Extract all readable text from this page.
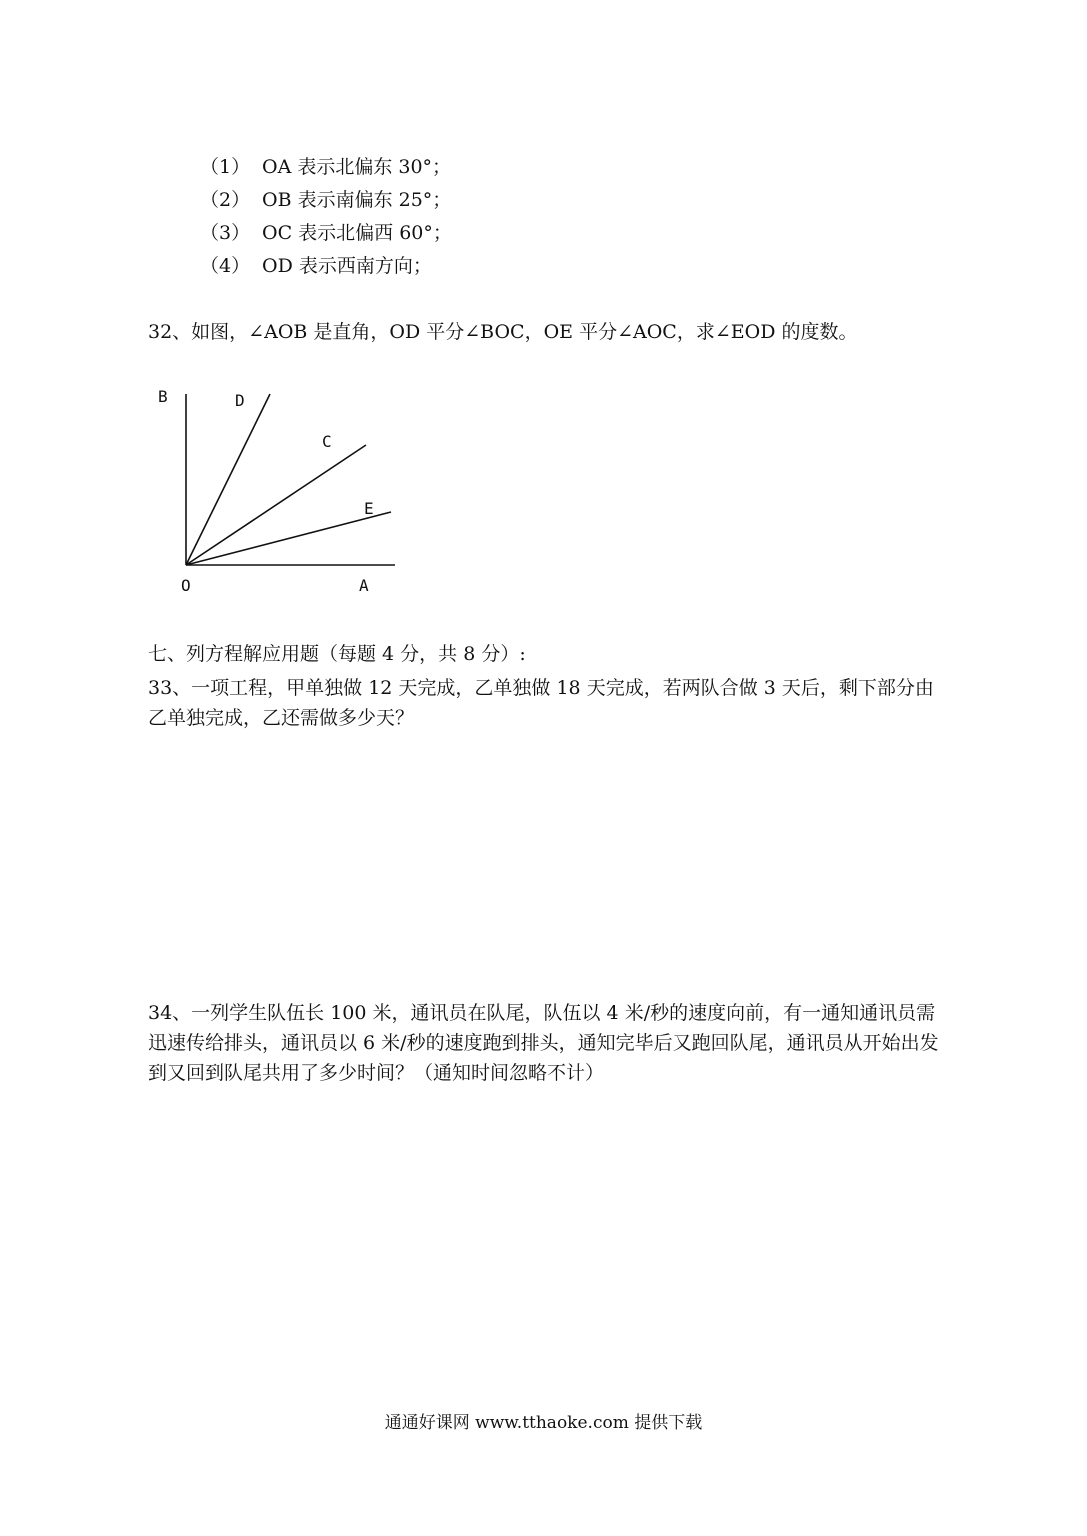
（1） OA 表示北偏东 30°；
（2） OB 表示南偏东 25°；
（3） OC 表示北偏西 60°；
（4） OD 表示西南方向；
32、如图，∠AOB 是直角，OD 平分∠BOC，OE 平分∠AOC，求∠EOD 的度数。
B	D
C
E
O	A
七、列方程解应用题（每题 4 分，共 8 分）:
33、一项工程，甲单独做 12 天完成，乙单独做 18 天完成，若两队合做 3 天后，剩下部分由乙单独完成，乙还需做多少天？
34、一列学生队伍长 100 米，通讯员在队尾，队伍以 4 米/秒的速度向前，有一通知通讯员需迅速传给排头，通讯员以 6 米/秒的速度跑到排头，通知完毕后又跑回队尾，通讯员从开始出发到又回到队尾共用了多少时间？（通知时间忽略不计）
通通好课网 www.tthaoke.com 提供下载
